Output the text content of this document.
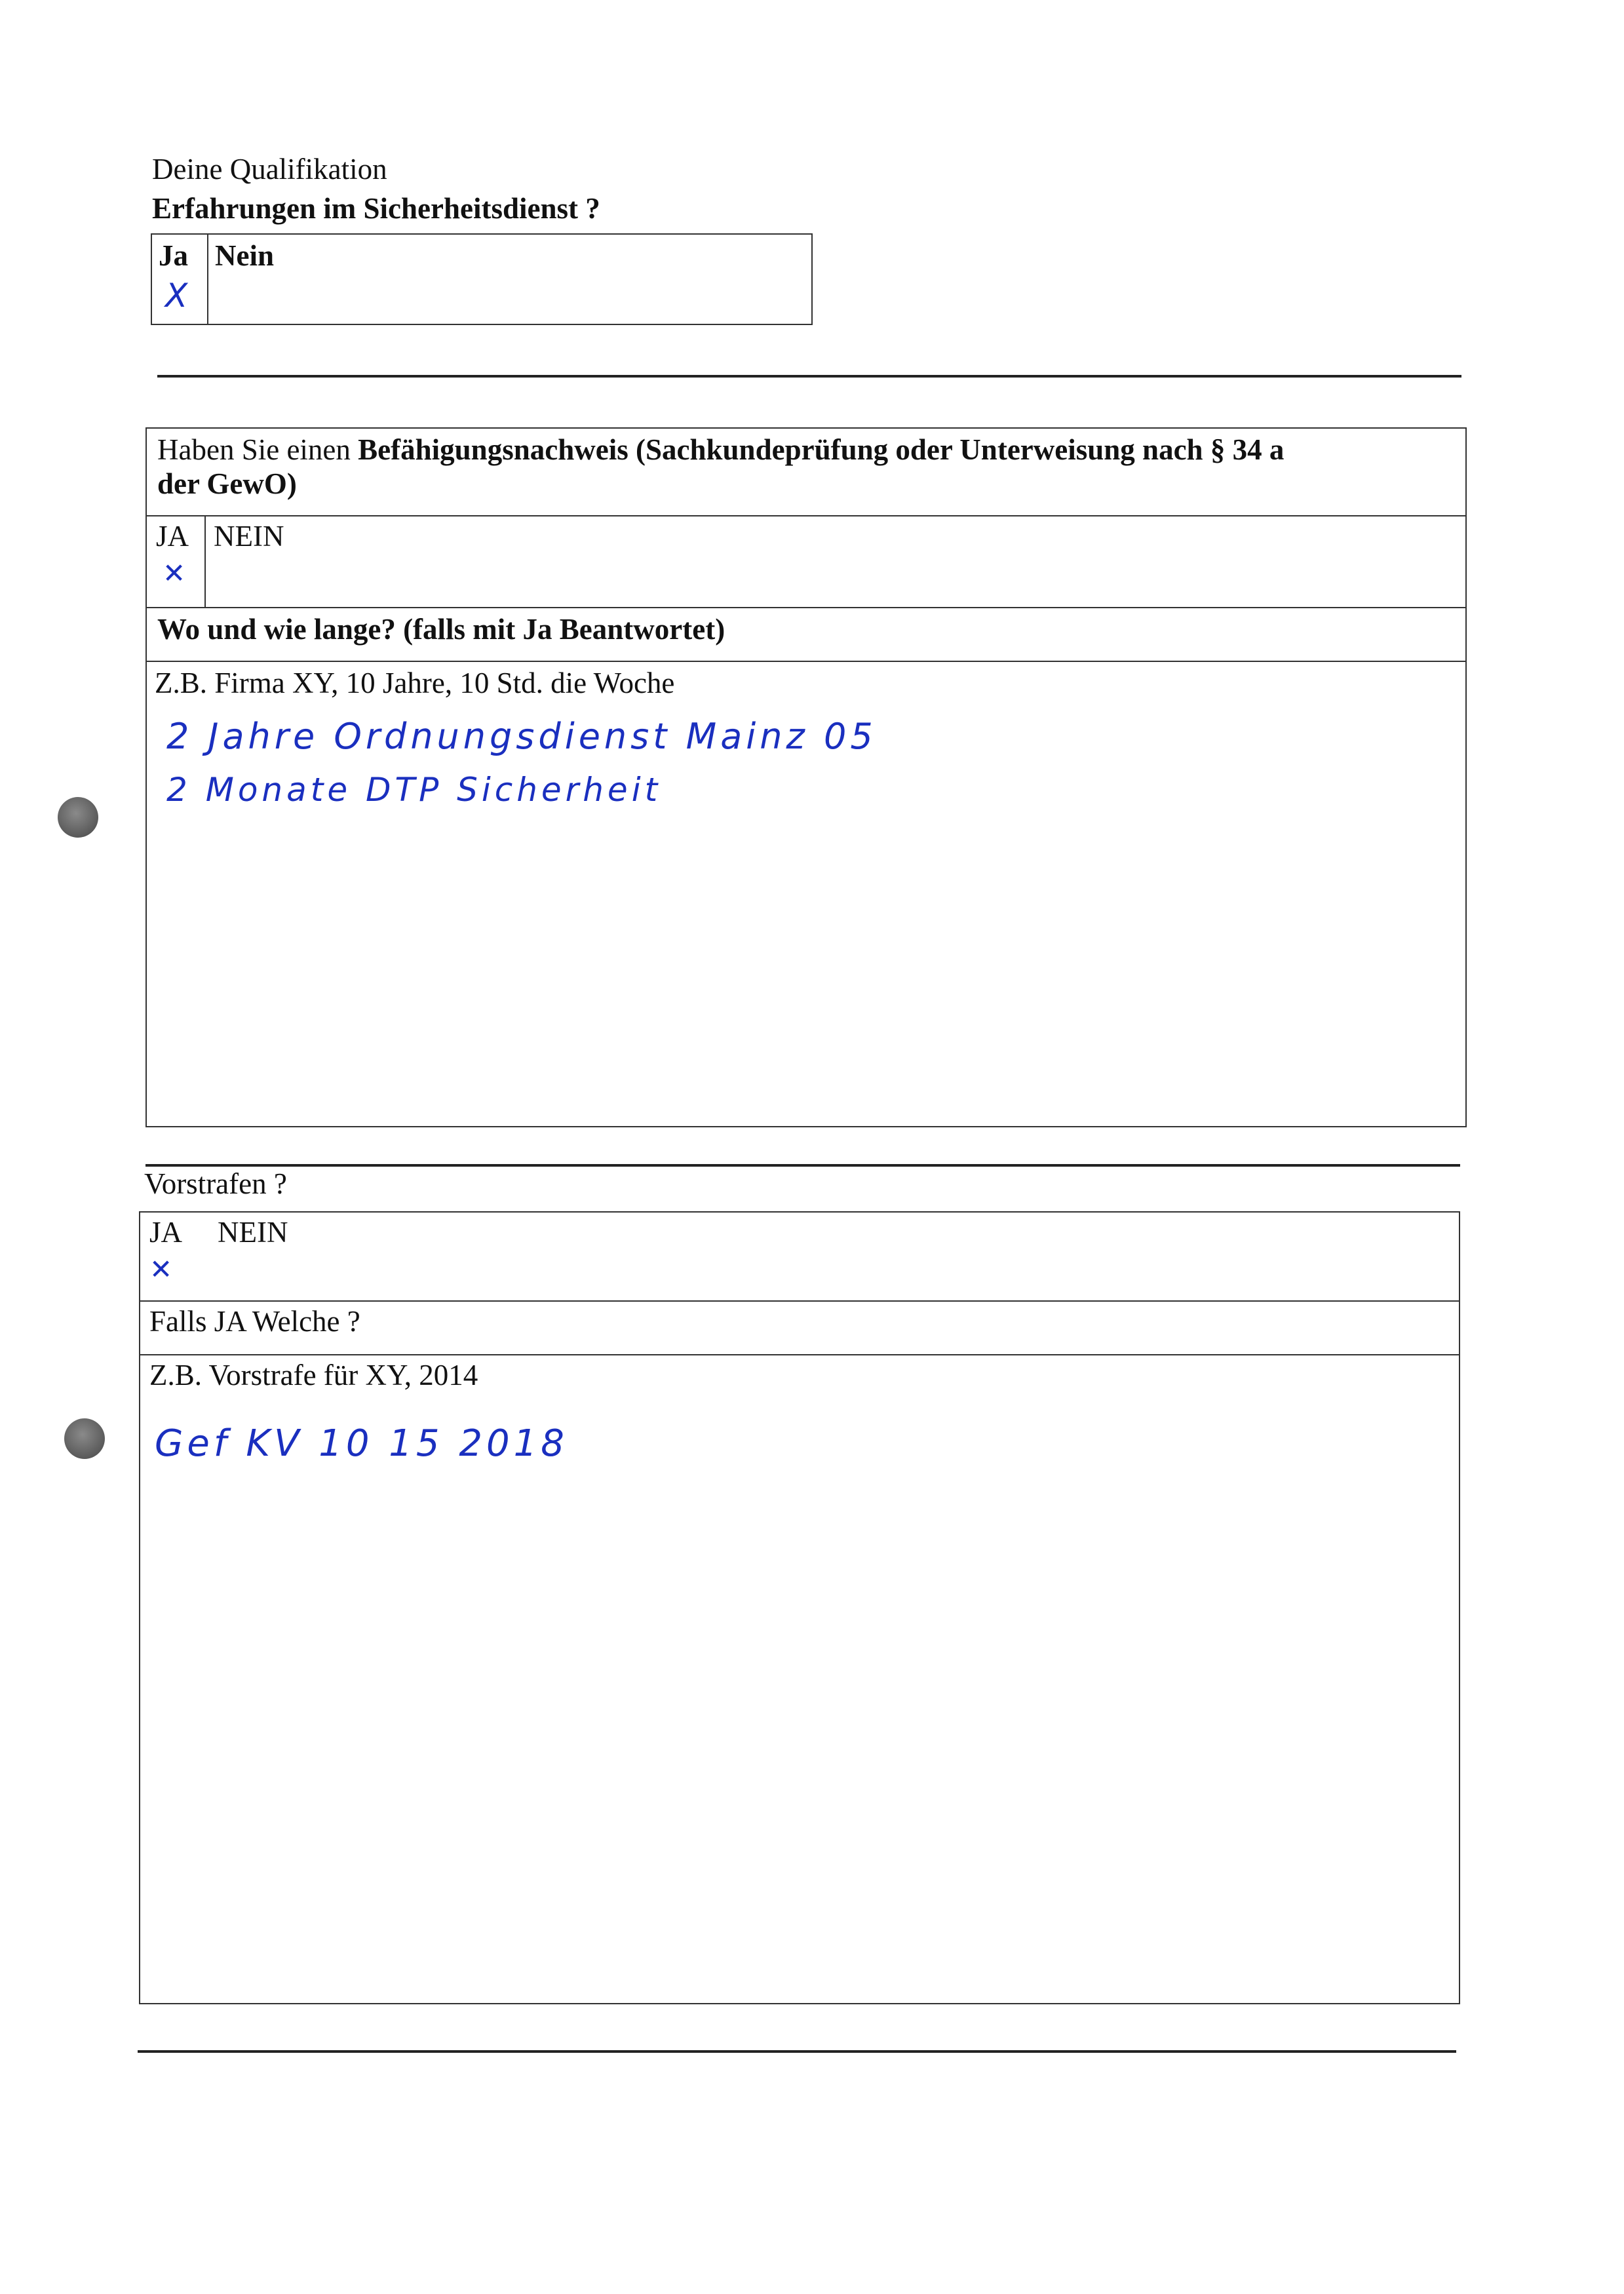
Deine Qualifikation
Erfahrungen im Sicherheitsdienst ?
Ja Nein
X
Haben Sie einen Befähigungsnachweis (Sachkundeprüfung oder Unterweisung nach § 34 a
der GewO)
JA NEIN
✕
Wo und wie lange? (falls mit Ja Beantwortet)
Z.B. Firma XY, 10 Jahre, 10 Std. die Woche
2 Jahre Ordnungsdienst Mainz 05
2 Monate DTP Sicherheit
Vorstrafen ?
JA NEIN
✕
Falls JA Welche ?
Z.B. Vorstrafe für XY, 2014
Gef KV 10 15 2018
